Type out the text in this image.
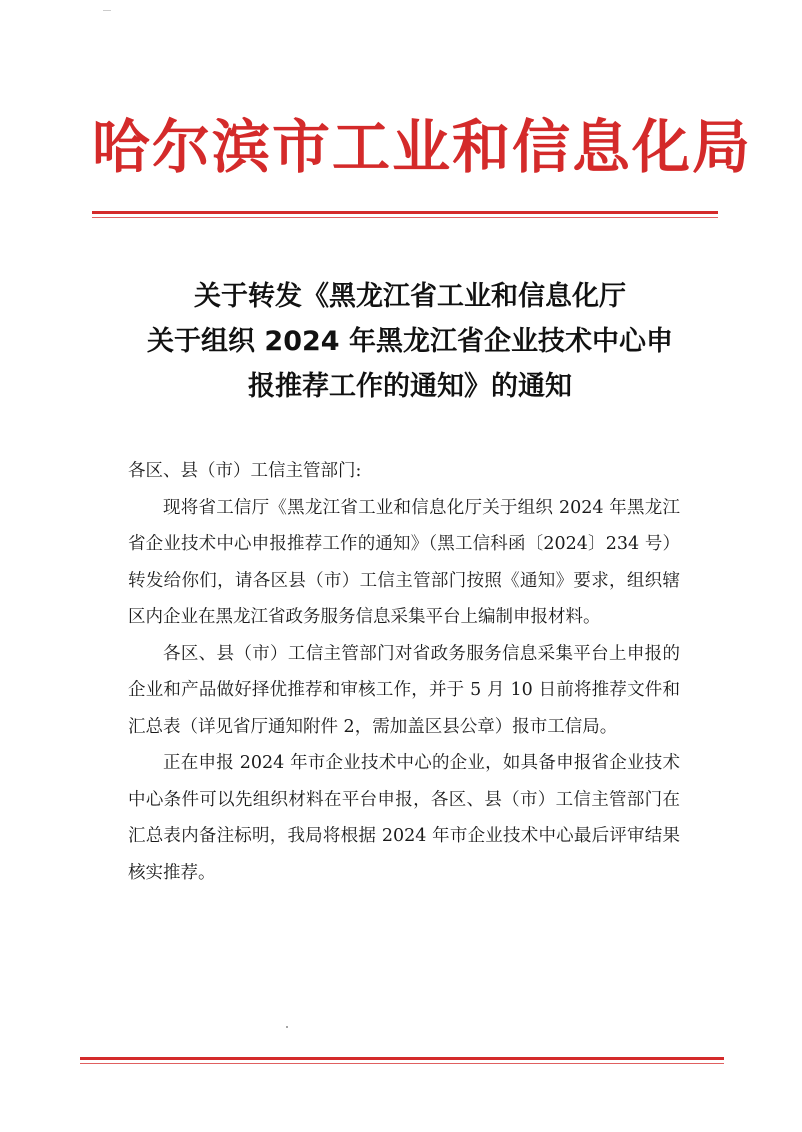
哈尔滨市工业和信息化局
关于转发《黑龙江省工业和信息化厅
关于组织 2024 年黑龙江省企业技术中心申
报推荐工作的通知》的通知

各区、县（市）工信主管部门:

现将省工信厅《黑龙江省工业和信息化厅关于组织 2024 年黑龙江省企业技术中心申报推荐工作的通知》（黑工信科函〔2024〕234 号）转发给你们，请各区县（市）工信主管部门按照《通知》要求，组织辖区内企业在黑龙江省政务服务信息采集平台上编制申报材料。

各区、县（市）工信主管部门对省政务服务信息采集平台上申报的企业和产品做好择优推荐和审核工作，并于 5 月 10 日前将推荐文件和汇总表（详见省厅通知附件 2，需加盖区县公章）报市工信局。

正在申报 2024 年市企业技术中心的企业，如具备申报省企业技术中心条件可以先组织材料在平台申报，各区、县（市）工信主管部门在汇总表内备注标明，我局将根据 2024 年市企业技术中心最后评审结果核实推荐。
